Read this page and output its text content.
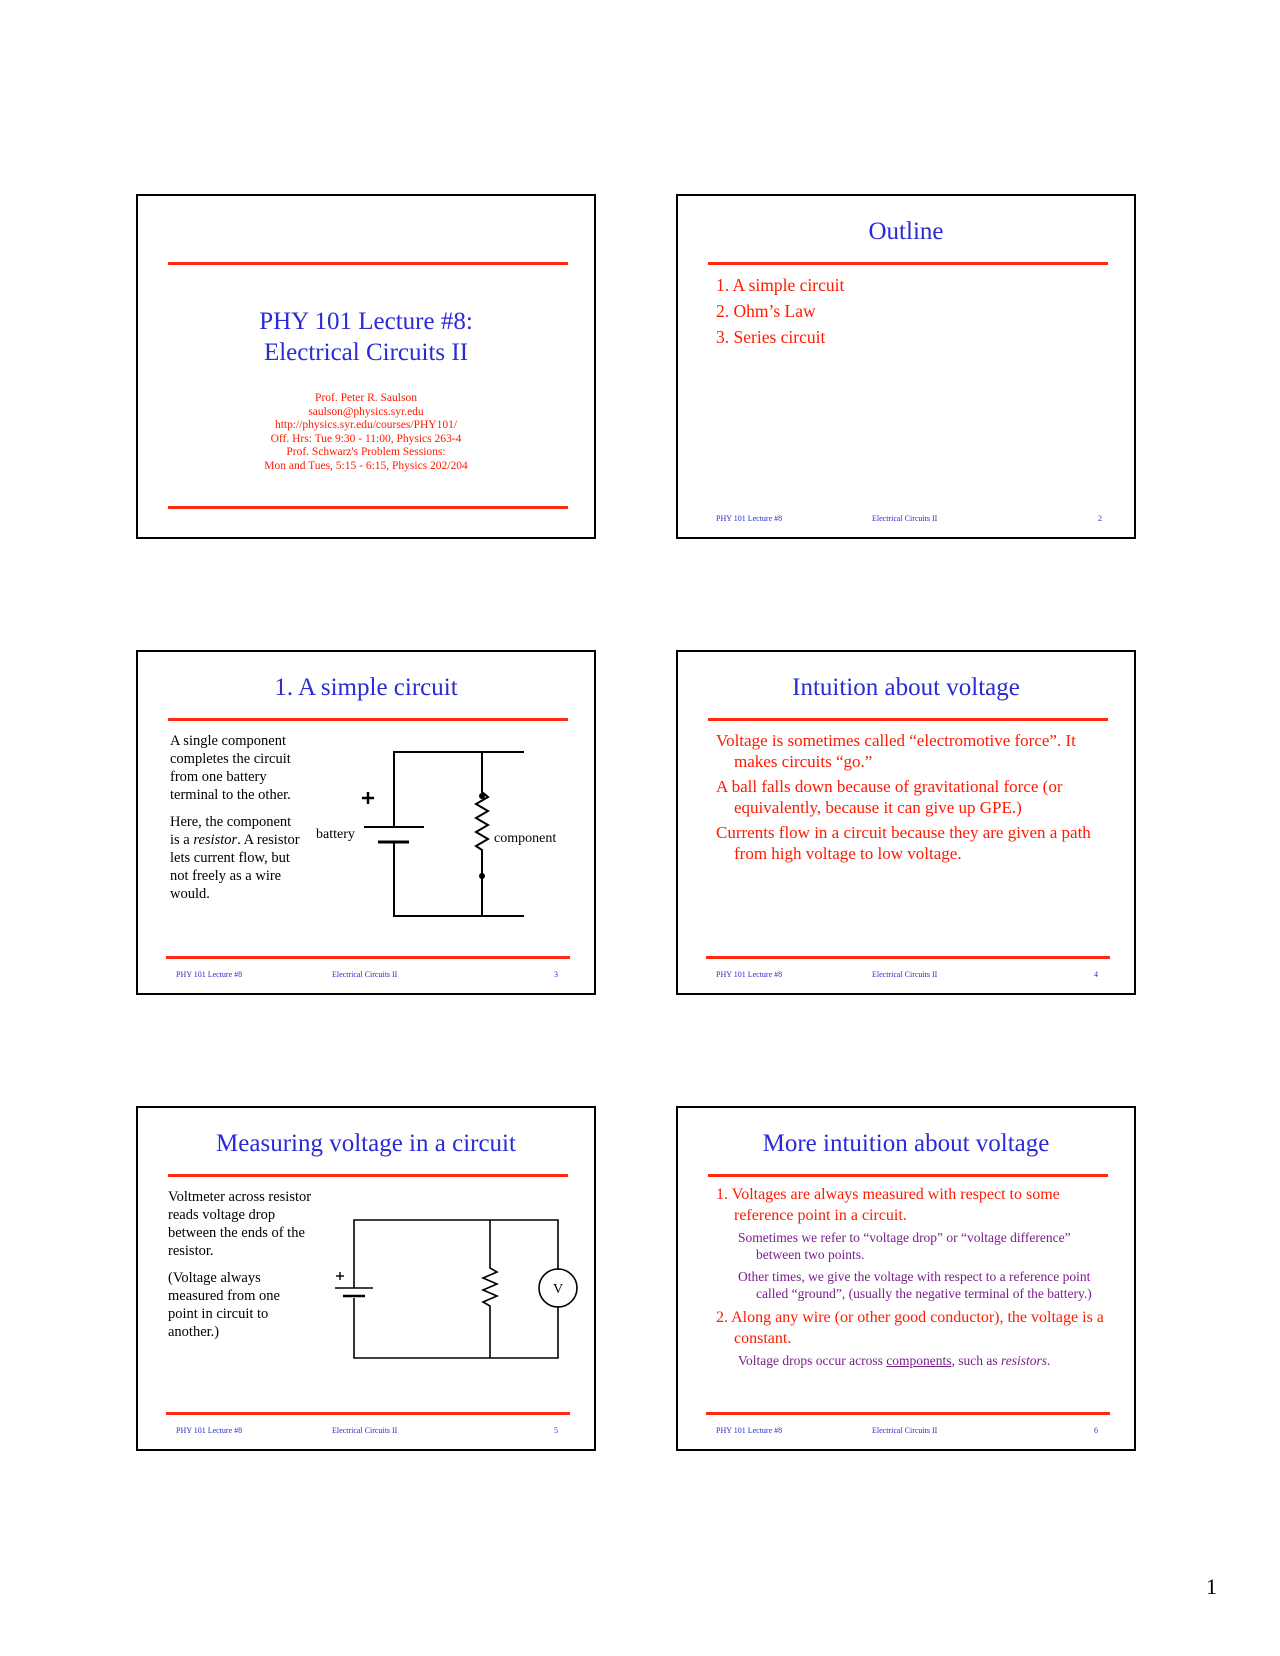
PHY 101 Lecture #8:
Electrical Circuits II
Prof. Peter R. Saulson
saulson@physics.syr.edu
http://physics.syr.edu/courses/PHY101/
Off. Hrs: Tue 9:30 - 11:00, Physics 263-4
Prof. Schwarz's Problem Sessions:
Mon and Tues, 5:15 - 6:15, Physics 202/204
Outline
1. A simple circuit
2. Ohm’s Law
3. Series circuit
PHY 101 Lecture #8	Electrical Circuits II	2
1. A simple circuit

A single component completes the circuit from one battery terminal to the other.

Here, the component is a resistor. A resistor lets current flow, but not freely as a wire would.

battery	component
PHY 101 Lecture #8	Electrical Circuits II	3
Intuition about voltage

Voltage is sometimes called “electromotive force”. It makes circuits “go.”

A ball falls down because of gravitational force (or equivalently, because it can give up GPE.)

Currents flow in a circuit because they are given a path from high voltage to low voltage.

PHY 101 Lecture #8	Electrical Circuits II	4
Measuring voltage in a circuit

Voltmeter across resistor reads voltage drop between the ends of the resistor.

(Voltage always measured from one point in circuit to another.)

V
PHY 101 Lecture #8	Electrical Circuits II	5
More intuition about voltage

1. Voltages are always measured with respect to some reference point in a circuit.

Sometimes we refer to “voltage drop” or “voltage difference” between two points.

Other times, we give the voltage with respect to a reference point called “ground”, (usually the negative terminal of the battery.)

2. Along any wire (or other good conductor), the voltage is a constant.

Voltage drops occur across components, such as resistors.

PHY 101 Lecture #8	Electrical Circuits II	6
1
